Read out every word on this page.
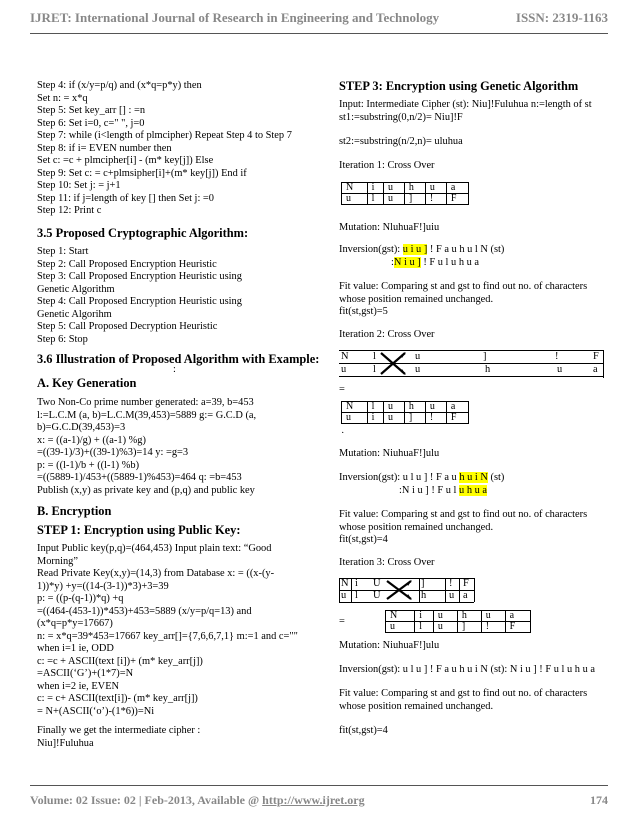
IJRET: International Journal of Research in Engineering and Technology	ISSN: 2319-1163
Step 4: if (x/y=p/q) and (x*q=p*y) then
Set n: = x*q
Step 5: Set key_arr [] : =n
Step 6: Set i=0, c=" ", j=0
Step 7: while (i<length of plmcipher) Repeat Step 4 to Step 7
Step 8: if i= EVEN number then
Set c: =c + plmcipher[i] - (m* key[j]) Else
Step 9: Set c: = c+plmsipher[i]+(m* key[j]) End if
Step 10: Set j: = j+1
Step 11: if j=length of key [] then Set j: =0
Step 12: Print c
3.5 Proposed Cryptographic Algorithm:
Step 1: Start
Step 2: Call Proposed Encryption Heuristic
Step 3: Call Proposed Encryption Heuristic using
Genetic Algorithm
Step 4: Call Proposed Encryption Heuristic using
Genetic Algorihm
Step 5: Call Proposed Decryption Heuristic
Step 6: Stop
3.6 Illustration of Proposed Algorithm with Example:
:
A. Key Generation
Two Non-Co prime number generated: a=39, b=453
l:=L.C.M (a, b)=L.C.M(39,453)=5889 g:= G.C.D (a,
b)=G.C.D(39,453)=3
x: = ((a-1)/g) + ((a-1) %g)
=((39-1)/3)+((39-1)%3)=14 y: =g=3
p: = ((l-1)/b + ((l-1) %b)
=((5889-1)/453+((5889-1)%453)=464 q: =b=453
Publish (x,y) as private key and (p,q) and public key
B. Encryption
STEP 1: Encryption using Public Key:
Input Public key(p,q)=(464,453) Input plain text: “Good
Morning”
Read Private Key(x,y)=(14,3) from Database x: = ((x-(y-
1))*y) +y=((14-(3-1))*3)+3=39
p: = ((p-(q-1))*q) +q
=((464-(453-1))*453)+453=5889 (x/y=p/q=13) and
(x*q=p*y=17667)
n: = x*q=39*453=17667 key_arr[]={7,6,6,7,1} m:=1 and c=""
when i=1 ie, ODD
c: =c + ASCII(text [i])+ (m* key_arr[j])
=ASCII(‘G’)+(1*7)=N
when i=2 ie, EVEN
c: = c+ ASCII(text[i])- (m* key_arr[j])
= N+(ASCII(‘o’)-(1*6))=Ni
Finally we get the intermediate cipher :
Niu]!Fuluhua
STEP 3: Encryption using Genetic Algorithm
Input: Intermediate Cipher (st): Niu]!Fuluhua n:=length of st
st1:=substring(0,n/2)= Niu]!F
st2:=substring(n/2,n)= uluhua
Iteration 1: Cross Over
N	i	u	h	u	a
u	l	u	]	!	F
Mutation: NluhuaF!]uiu
Inversion(gst): u i u ] ! F a u h u l N (st)
:N i u ] ! F u l u h u a
Fit value: Comparing st and gst to find out no. of characters
whose position remained unchanged.
fit(st,gst)=5
Iteration 2: Cross Over
N l	u	]	!	F
u	l	u	h	u	a
=
N	l	u	h	u	a
u	i	u	]	!	F
·
Mutation: NiuhuaF!]ulu
Inversion(gst): u l u ] ! F a u h u i N (st)
:N i u ] ! F u l u h u a
Fit value: Comparing st and gst to find out no. of characters
whose position remained unchanged.
fit(st,gst)=4
Iteration 3: Cross Over
N i U	] ! F
u l U	h u a
=
N	i	u	h	u	a
u	l	u	]	!	F
Mutation: NiuhuaF!]ulu
Inversion(gst): u l u ] ! F a u h u i N (st): N i u ] ! F u l u h u a
Fit value: Comparing st and gst to find out no. of characters
whose position remained unchanged.
fit(st,gst)=4
Volume: 02 Issue: 02 | Feb-2013, Available @ http://www.ijret.org	174
